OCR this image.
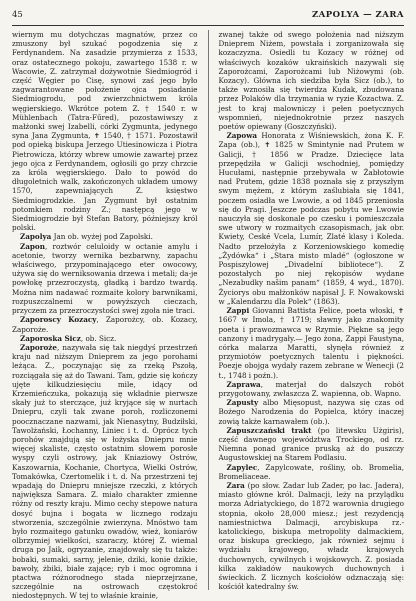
45	ZAPOLYA — ZARA

wiernym mu dotychczas magnatów, przez co zmuszony był szukać pogodzenia się z Ferdynandem. Na zasadzie przymierza z 1533, oraz ostatecznego pokoju, zawartego 1538 r. w Wacowie, Z. zatrzymał dożywotnie Siedmiogród i część Węgier po Cisę, synowi zaś jego było zagwarantowane położenie ojca posiadanie Siedmiogrodu, pod zwierzchnictwem króla węgierskiego. Wkrótce potem Z. † 1540 r. w Mühlenbach (Tatra-Fűred), pozostawiwszy z małżonki swej Izabelli, córki Zygmunta, jedynego syna Jana Zygmunta, ✝ 1540, † 1571. Pozostawił pod opieką biskupa Jerzego Utiesinowicza i Piotra Pietrowicza, którzy wbrew umowie zawartej przez jego ojca z Ferdynandem, ogłosili go przy chrzcie za króla węgierskiego. Dało to powód do długoletnich walk, zakończonych układem umowy 1570, zapewniających Z. księstwo Siedmiogrodzkie. Jan Zygmunt był ostatnim potomkiem rodziny Z.; następcą jego w Siedmiogrodzie był Stefan Batory, późniejszy król polski.

Zapolya Jan ob. wyżej pod Zapolski.

Zapon, roztwór celuloidy w octanie amylu i acetonie, tworzy wernika bezbarwny, zapachu właściwego, przypominającego eter owocowy, używa się do werniksowania drzewa i metali; da-je powłokę przezroczystą, gładką i bardzo twardą. Można nim nadawać rozmaite kolory barwnikami, rozpuszczalnemi w powyższych cieczach, przyczem za przezroczystości swej zgoła nie traci.

Zaporoscy Kozacy, Zaporożcy, ob. Kozacy, Zaporoże.

Zaporoska Sicz, ob. Sicz.

Zaporoże, nazywała się tak niegdyś przestrzeń kraju nad niższym Dnieprem za jego porohami leżąca. Z., poczynając się za rzeką Pszołą, rozciągała się aż do Tawani. Tam, gdzie się kończy ujęte kilkudziesięciu mile, idący od Krzemieńczuka, pokazują się wkładnie pierwsze skały już to sterczące, już kryjące się w nurtach Dniepru, czyli tak zwane poroh, rozliczonemi poocznaczane nazwami, jak Nienasytny, Budziłski, Tawolżański, Łochanny, Liniec i t. d. Oprócz tych porohów znajdują się w łożyska Dniepru mnie więcej skaliste, często ostatnim słowem porosłe wyspy czyli ostrowy, jak Kniaziowy Ostrów, Kaszowarnia, Kochanie, Chortyca, Wielki Ostrów, Tomakówka, Czertomelik i t. d. Na przestrzeni tej wpadają do Dniepru mniejsze rzeczki, z których największa Samara. Z. miało charakter zmienne różny od reszty kraju. Mimo cechy stepowe natura dosyć bujna i bogata w licznego rodzaju stworzenia, szczególnie zwierzyna. Mnóstwo tam było rozmaitego gatunku owadów, wież, koniarów olbrzymiej wielkości, szaraczy, której Z. wiemal druga po Jaik, ogryzanie, znajdowały się tu także: bobaki, sumaki, sarny, jelenie, dziki, konie dzikie, bawoły, żbiki, białe zające; ryb i moc ogromna i ptactwa różnorodnego stada nieprzejrzane, szczególnie na ostrowach częstokroć niedostępnych. W tej to właśnie krainie,

zwanej także od swego położenia nad niższym Dnieprem Niżem, powstała i zorganizowała się kozaczyzna. Osiedli tu Kozacy w różnej od właściwych kozaków ukraińskich nazywali się Zaporożcami, Zaporożcami lub Niżowymi (ob. Kozacy). Główna ich siedziba była Sicz (ob.), to także wznosiła się twierdza Kudak, zbudowana przez Polaków dla trzymania w ryzie Kozactwa. Z. jest to kraj malowniczy i pełen poetycznych wspomnień, niejednokrotnie przez naszych poetów opiewany (Goszczyński).

Zapowa Honorata z Wiśniewskich, żona K. F. Zapa (ob.), ✝ 1825 w Smintynie nad Prutem w Galicji, † 1856 w Pradze. Dziecięce lata przepędziła w Galicji wschodniej, pomiędzy Hucułami, następnie przebywała w Żabłotowie nad Prutem, gdzie 1838 poznała się z przyszłym swym mężem, z którym zaślubiała się 1841, poczem osiadła we Lwowie, a od 1845 przeniosła się do Pragi. Jeszcze podczas pobytu we Lwowie nauczyła się doskonale po czesku i pomieszczała swe utwory w rozmaitych czasopismach, jak obr. Kwiety, Ceské Vcela, Lumír, Zlaté klasy i Koleda. Nadto przełożyła z Korzeniowskiego komedię „Żydówka“ i „Stara misto mladé“ (ogłoszone w Pospiszylowej „Divadelní bibliotece“). Z pozostałych po niej rękopisów wydane „Nezabudky našim panam“ (1859, 4 wyd., 1870). Życiorys obu małżonków napisał J. F. Nowakowski w „Kalendarzu dla Polek“ (1863).

Zappi Giovanni Battista Felice, poeta włoski, ✝ 1667 w Imola, † 1719; sławny jako znakomity poeta i prawozmawca w Rzymie. Piękne są jego canzony i madrygały.— Jego żona, Zappi Faustyna, córka malarza Maratti, słynęła również z przymiotów poetycznych talentu i piękności. Poezje obojga wydały razem zebrane w Wenecji (2 t., 1748 i poźn.).

Zaprawa, materjał do dalszych robót przygotowany, zwłaszcza Z. wapienna, ob. Wapno.

Zapusty albo Mięsopust, nazywa się czas od Bożego Narodzenia do Popielca, który inaczej zowią także karnawałem (ob.).

Zapuszczański trakt (po litewsku Użgiris), część dawnego województwa Trockiego, od rz. Niemna ponad granice pruską aż do puszczy Augustowskiej na Starem Podlasiu.

Zapylec, Zapylcowate, rośliny, ob. Bromelia, Bromeliaceae.

Zara (po słow. Zadar lub Zader, po łac. Jadera), miasto główne krół. Dalmacji, leży na przylądku morza Adriatyckiego, do 1872 warownia drugiego stopnia, około 28,000 miesz.; jest rezydencją namiestnictwa Dalmacji, arcybiskupa rz.-katolickiego, biskupa metropolity dalmackiem, oraz biskupa greckiego, jak również sejmu i wydziału krajowego, władz krajowych duchownych, cywilnych i wojskowych. Z. posiada kilka zakładów naukowych duchownych i świeckich. Z licznych kościołów odznaczają się: kościół katedralny św.
